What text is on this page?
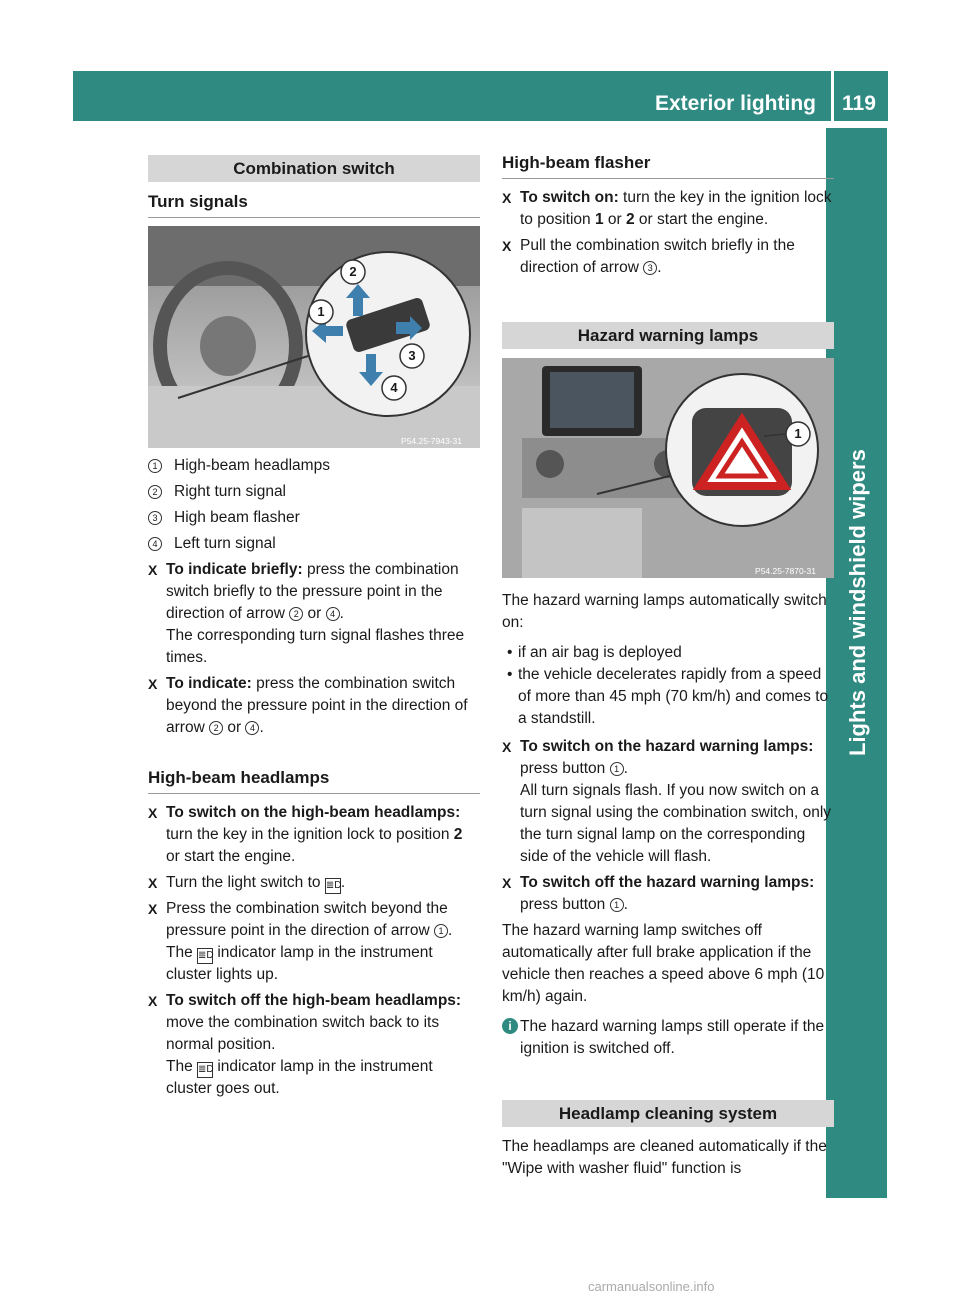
Exterior lighting 119
Lights and windshield wipers
Combination switch
Turn signals
1
2
3
4
P54.25-7943-31
1 High-beam headlamps
2 Right turn signal
3 High beam flasher
4 Left turn signal
X To indicate briefly: press the combination switch briefly to the pressure point in the direction of arrow 2 or 4 .

The corresponding turn signal flashes three times.

X To indicate: press the combination switch beyond the pressure point in the direction of arrow 2 or 4 .
High-beam headlamps
X To switch on the high-beam headlamps: turn the key in the ignition lock to position 2 or start the engine.
X Turn the light switch to ≣D.
X Press the combination switch beyond the pressure point in the direction of arrow 1 .

The ≣D indicator lamp in the instrument cluster lights up.

X To switch off the high-beam headlamps: move the combination switch back to its normal position.

The ≣D indicator lamp in the instrument cluster goes out.

High-beam flasher
X To switch on: turn the key in the ignition lock to position 1 or 2 or start the engine.
X Pull the combination switch briefly in the direction of arrow 3 .
Hazard warning lamps
1
P54.25-7870-31

The hazard warning lamps automatically switch on:

• if an air bag is deployed
• the vehicle decelerates rapidly from a speed of more than 45 mph (70 km/h) and comes to a standstill.
X To switch on the hazard warning lamps: press button 1 .

All turn signals flash. If you now switch on a turn signal using the combination switch, only the turn signal lamp on the corresponding side of the vehicle will flash.

X To switch off the hazard warning lamps: press button 1 .

The hazard warning lamp switches off automatically after full brake application if the vehicle then reaches a speed above 6 mph (10 km/h) again.

i The hazard warning lamps still operate if the ignition is switched off.
Headlamp cleaning system
The headlamps are cleaned automatically if the "Wipe with washer fluid" function is
carmanualsonline.info
